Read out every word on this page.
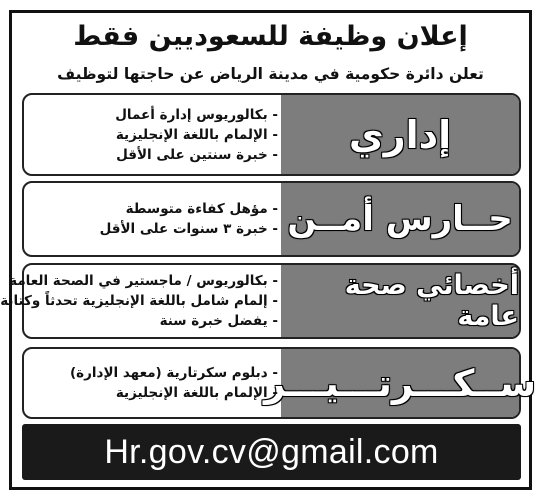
إعلان وظيفة للسعوديين فقط
تعلن دائرة حكومية في مدينة الرياض عن حاجتها لتوظيف
إداري
- بكالوريوس إدارة أعمال
- الإلمام باللغة الإنجليزية
- خبرة سنتين على الأقل
حــارس أمــن
- مؤهل كفاءة متوسطة
- خبرة ٣ سنوات على الأقل
أخصائي صحة عامة
- بكالوريوس / ماجستير في الصحة العامة
- إلمام شامل باللغة الإنجليزية تحدثاً وكتابة
- يفضل خبرة سنة
ســكـــرتـــيـــر
- دبلوم سكرتارية (معهد الإدارة)
- الإلمام باللغة الإنجليزية
Hr.gov.cv@gmail.com
